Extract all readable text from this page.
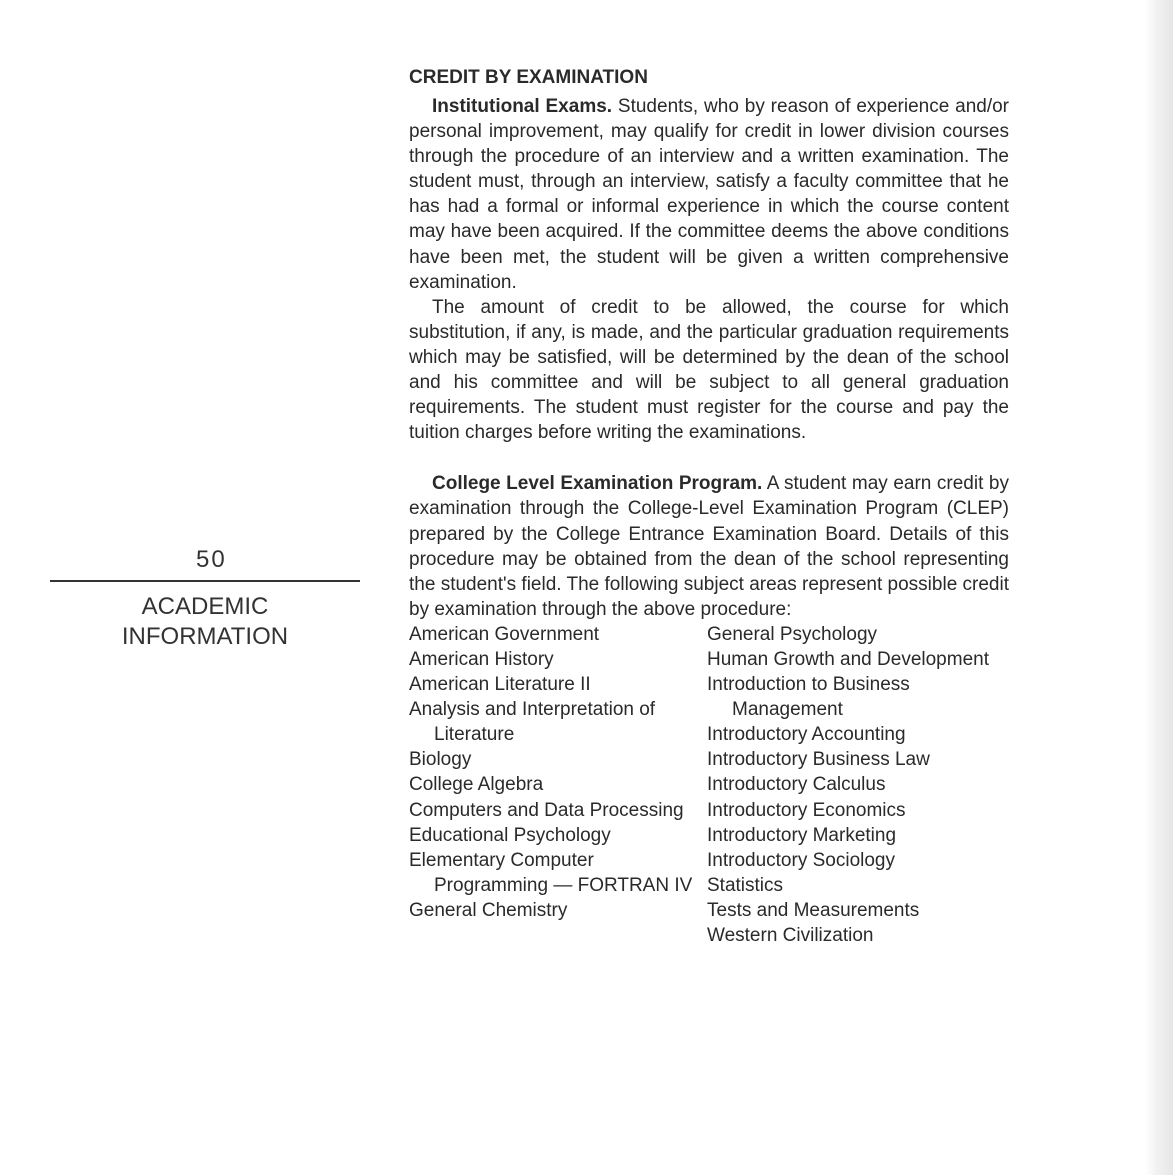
50
ACADEMIC INFORMATION
CREDIT BY EXAMINATION

Institutional Exams. Students, who by reason of experience and/or personal improvement, may qualify for credit in lower division courses through the procedure of an interview and a written examination. The student must, through an interview, satisfy a faculty committee that he has had a formal or informal experience in which the course content may have been acquired. If the committee deems the above conditions have been met, the student will be given a written comprehensive examination.

The amount of credit to be allowed, the course for which substitution, if any, is made, and the particular graduation requirements which may be satisfied, will be determined by the dean of the school and his committee and will be subject to all general graduation requirements. The student must register for the course and pay the tuition charges before writing the examinations.

College Level Examination Program. A student may earn credit by examination through the College-Level Examination Program (CLEP) prepared by the College Entrance Examination Board. Details of this procedure may be obtained from the dean of the school representing the student's field. The following subject areas represent possible credit by examination through the above procedure:

American Government
American History
American Literature II
Analysis and Interpretation of Literature
Biology
College Algebra
Computers and Data Processing
Educational Psychology
Elementary Computer Programming — FORTRAN IV
General Chemistry
General Psychology
Human Growth and Development
Introduction to Business Management
Introductory Accounting
Introductory Business Law
Introductory Calculus
Introductory Economics
Introductory Marketing
Introductory Sociology
Statistics
Tests and Measurements
Western Civilization
